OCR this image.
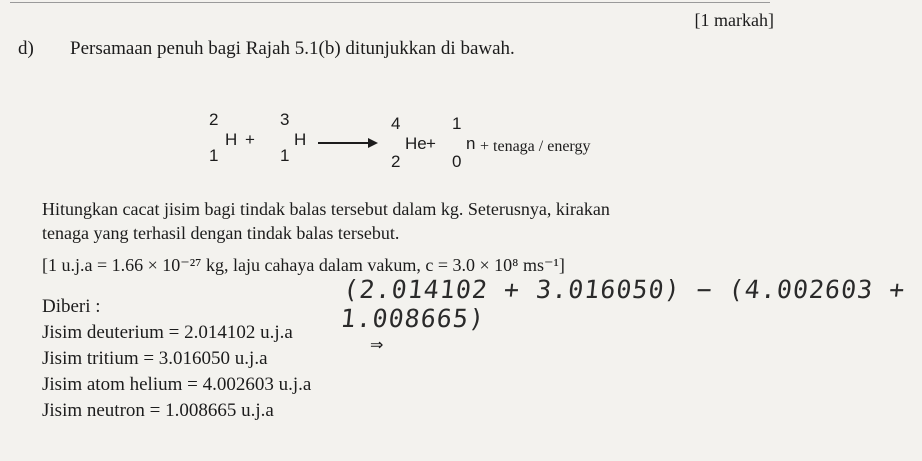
[1 markah]
d) Persamaan penuh bagi Rajah 5.1(b) ditunjukkan di bawah.
2
1
H +
3
1
H →
4
2
He +
1
0
n + tenaga / energy
Hitungkan cacat jisim bagi tindak balas tersebut dalam kg. Seterusnya, kirakan
tenaga yang terhasil dengan tindak balas tersebut.
[1 u.j.a = 1.66 × 10⁻²⁷ kg, laju cahaya dalam vakum, c = 3.0 × 10⁸ ms⁻¹]
Diberi :
(2.014102 + 3.016050) − (4.002603 + 1.008665)
Jisim deuterium = 2.014102 u.j.a
⇒
Jisim tritium = 3.016050 u.j.a
Jisim atom helium = 4.002603 u.j.a
Jisim neutron = 1.008665 u.j.a
